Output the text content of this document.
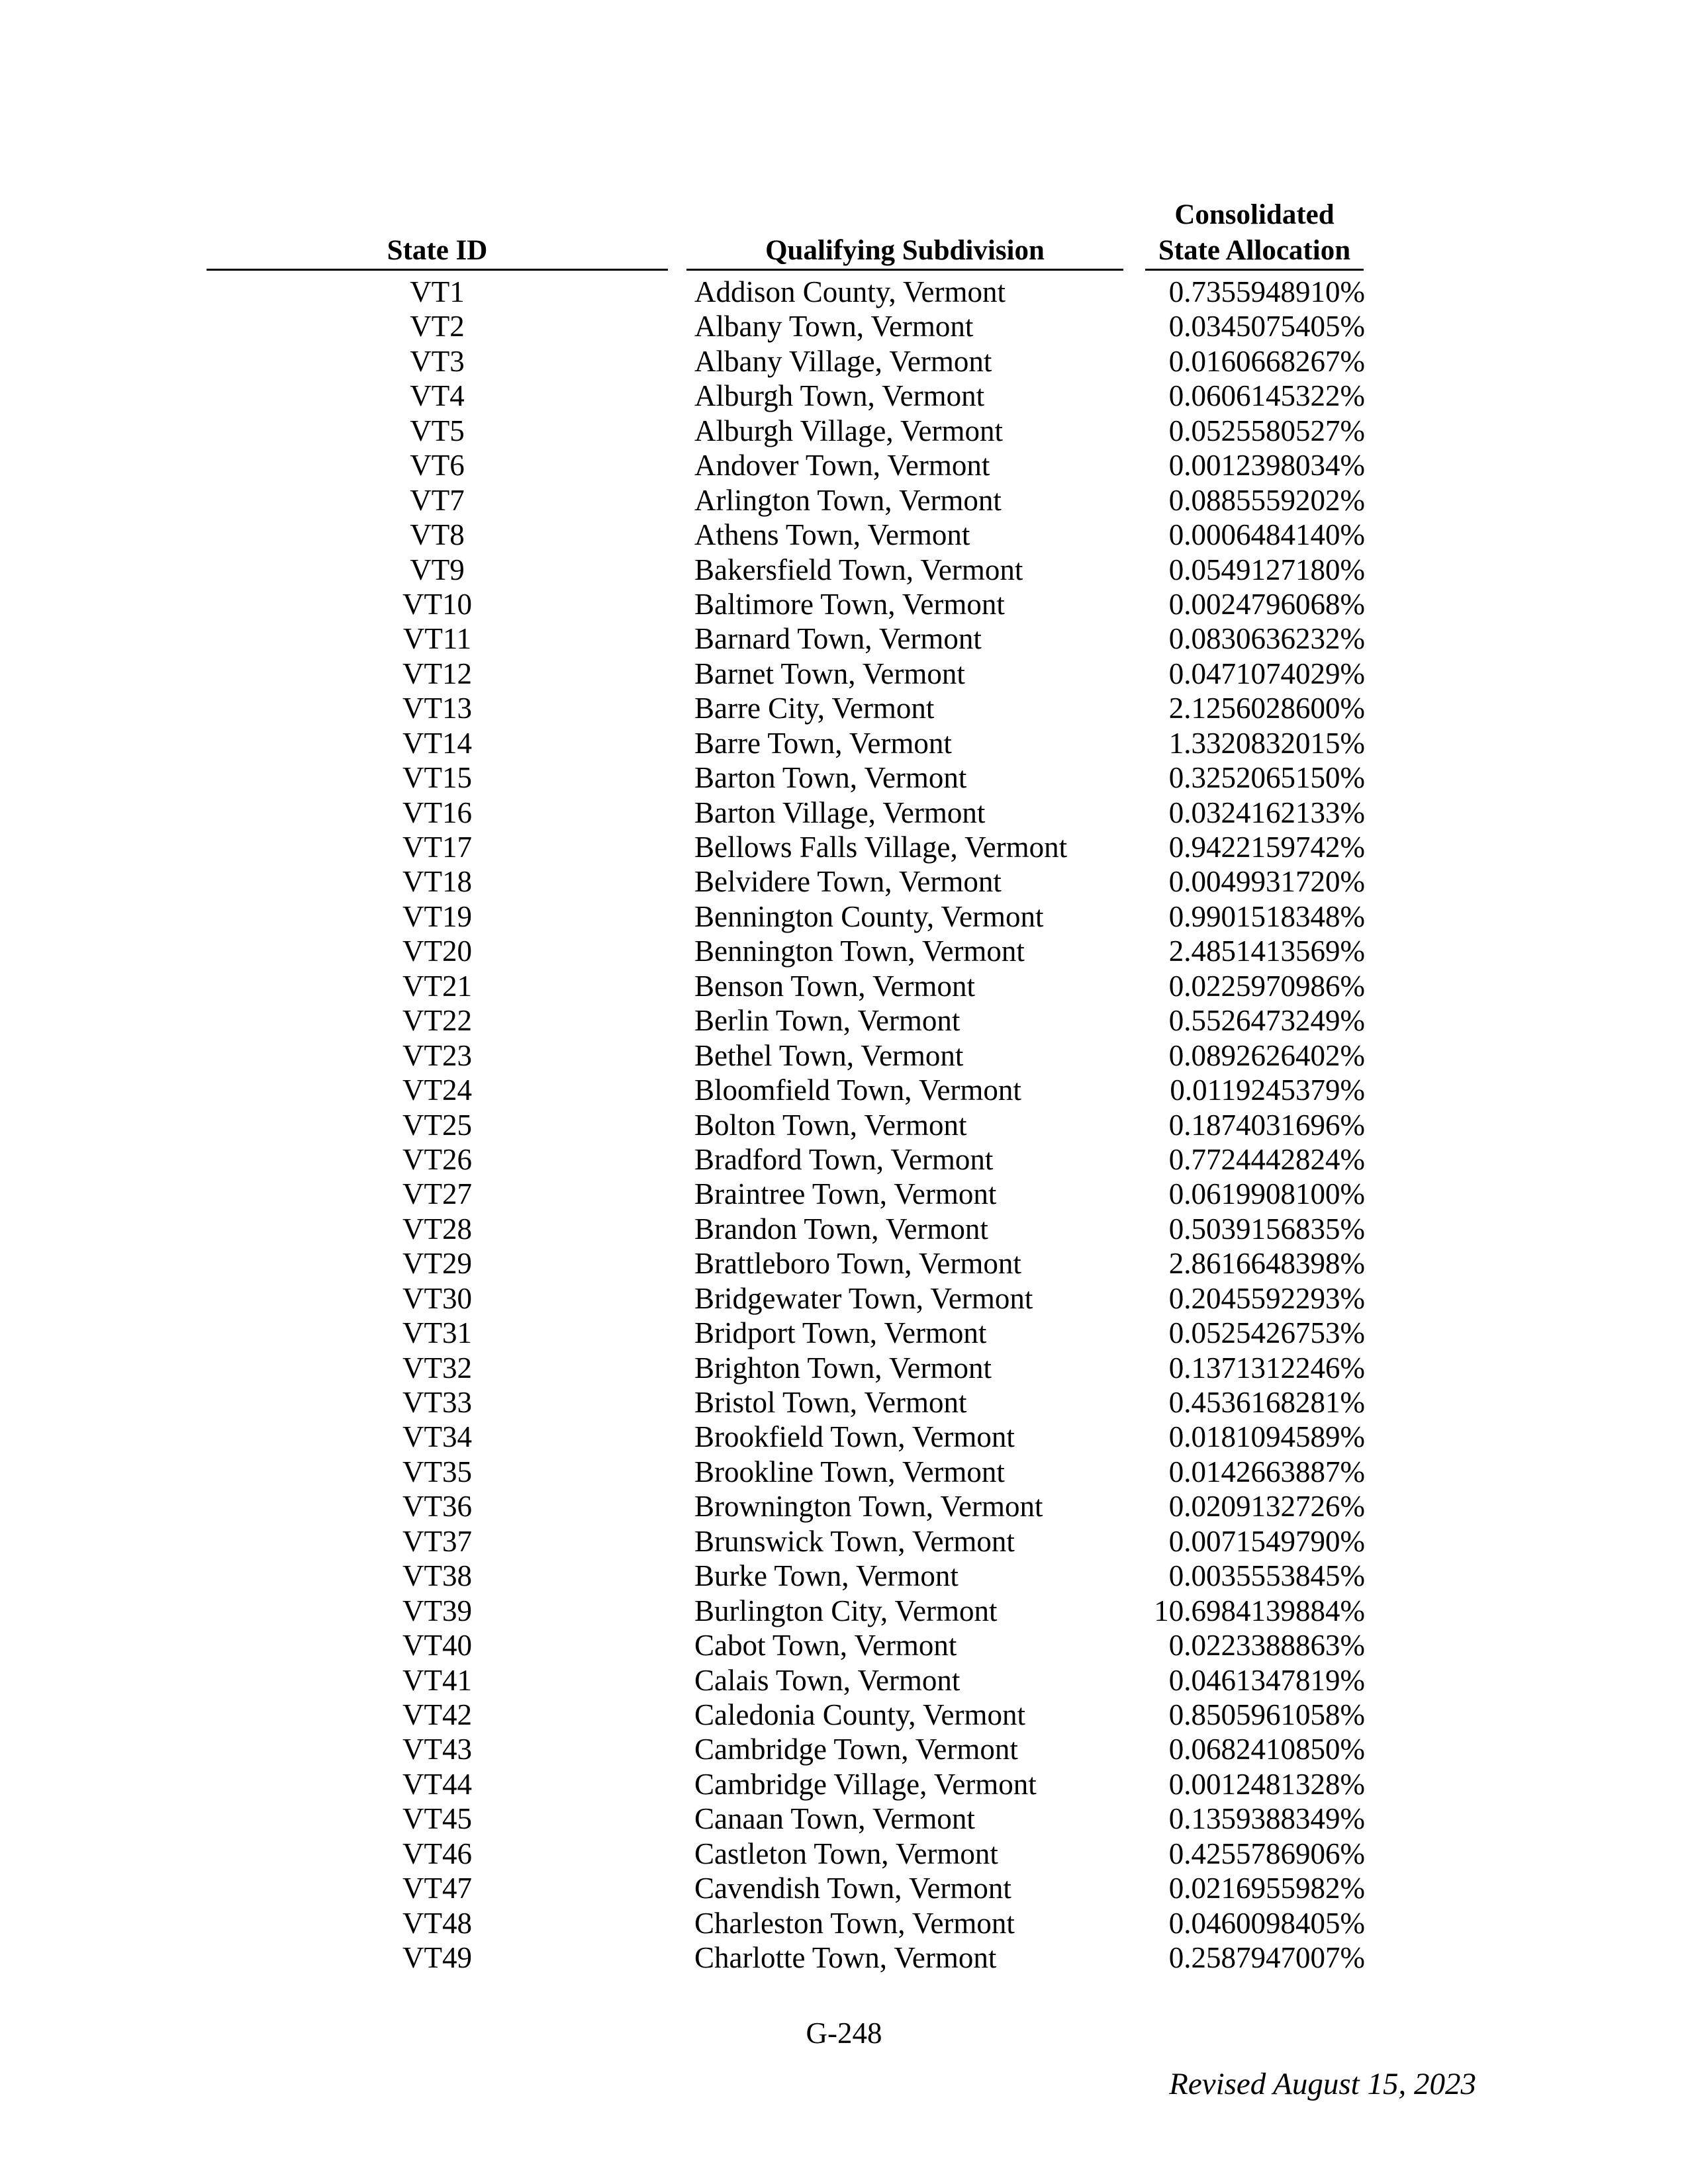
State ID	Qualifying Subdivision
Consolidated
State Allocation
VT1	Addison County, Vermont	0.7355948910%
VT2	Albany Town, Vermont	0.0345075405%
VT3	Albany Village, Vermont	0.0160668267%
VT4	Alburgh Town, Vermont	0.0606145322%
VT5	Alburgh Village, Vermont	0.0525580527%
VT6	Andover Town, Vermont	0.0012398034%
VT7	Arlington Town, Vermont	0.0885559202%
VT8	Athens Town, Vermont	0.0006484140%
VT9	Bakersfield Town, Vermont	0.0549127180%
VT10	Baltimore Town, Vermont	0.0024796068%
VT11	Barnard Town, Vermont	0.0830636232%
VT12	Barnet Town, Vermont	0.0471074029%
VT13	Barre City, Vermont	2.1256028600%
VT14	Barre Town, Vermont	1.3320832015%
VT15	Barton Town, Vermont	0.3252065150%
VT16	Barton Village, Vermont	0.0324162133%
VT17	Bellows Falls Village, Vermont	0.9422159742%
VT18	Belvidere Town, Vermont	0.0049931720%
VT19	Bennington County, Vermont	0.9901518348%
VT20	Bennington Town, Vermont	2.4851413569%
VT21	Benson Town, Vermont	0.0225970986%
VT22	Berlin Town, Vermont	0.5526473249%
VT23	Bethel Town, Vermont	0.0892626402%
VT24	Bloomfield Town, Vermont	0.0119245379%
VT25	Bolton Town, Vermont	0.1874031696%
VT26	Bradford Town, Vermont	0.7724442824%
VT27	Braintree Town, Vermont	0.0619908100%
VT28	Brandon Town, Vermont	0.5039156835%
VT29	Brattleboro Town, Vermont	2.8616648398%
VT30	Bridgewater Town, Vermont	0.2045592293%
VT31	Bridport Town, Vermont	0.0525426753%
VT32	Brighton Town, Vermont	0.1371312246%
VT33	Bristol Town, Vermont	0.4536168281%
VT34	Brookfield Town, Vermont	0.0181094589%
VT35	Brookline Town, Vermont	0.0142663887%
VT36	Brownington Town, Vermont	0.0209132726%
VT37	Brunswick Town, Vermont	0.0071549790%
VT38	Burke Town, Vermont	0.0035553845%
VT39	Burlington City, Vermont	10.6984139884%
VT40	Cabot Town, Vermont	0.0223388863%
VT41	Calais Town, Vermont	0.0461347819%
VT42	Caledonia County, Vermont	0.8505961058%
VT43	Cambridge Town, Vermont	0.0682410850%
VT44	Cambridge Village, Vermont	0.0012481328%
VT45	Canaan Town, Vermont	0.1359388349%
VT46	Castleton Town, Vermont	0.4255786906%
VT47	Cavendish Town, Vermont	0.0216955982%
VT48	Charleston Town, Vermont	0.0460098405%
VT49	Charlotte Town, Vermont	0.2587947007%
G-248
Revised August 15, 2023
